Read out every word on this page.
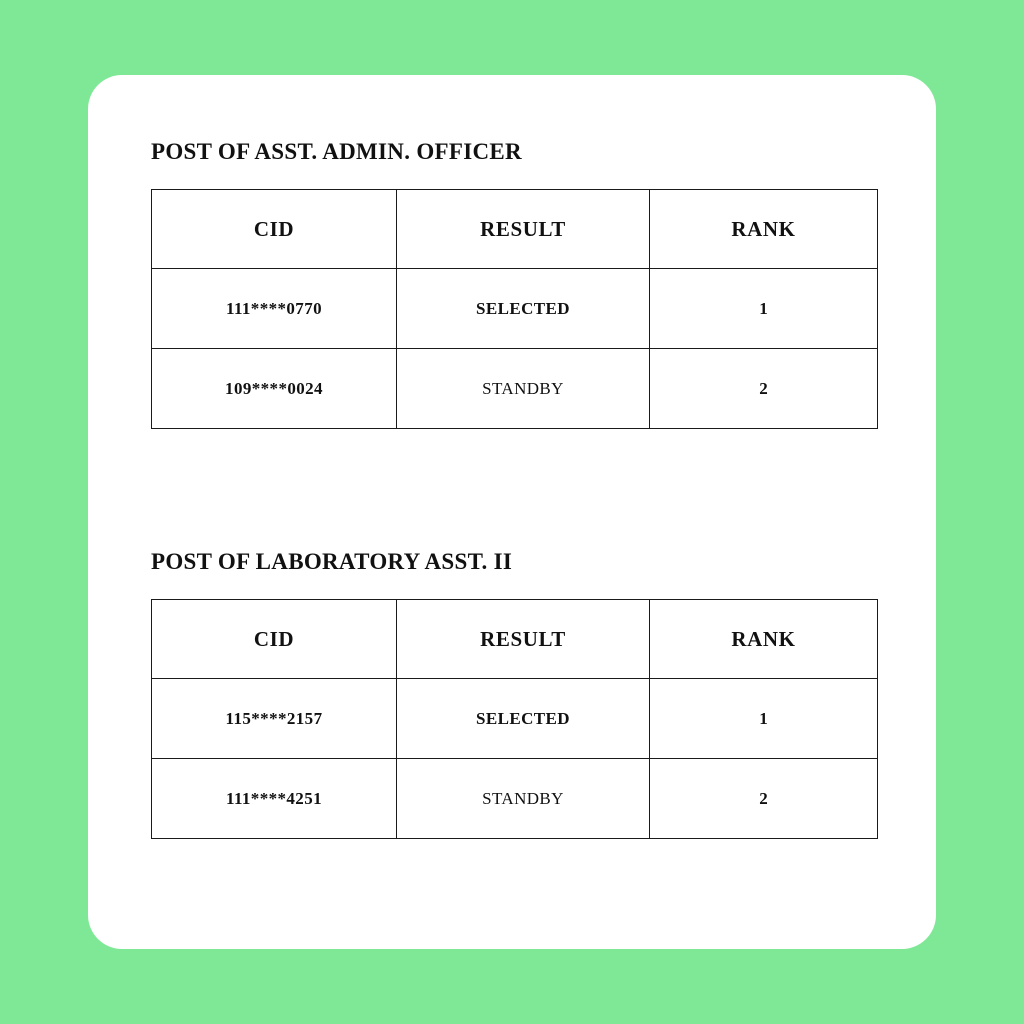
POST OF ASST. ADMIN. OFFICER
CID	RESULT	RANK
111****0770	SELECTED	1
109****0024	STANDBY	2
POST OF LABORATORY ASST. II
CID	RESULT	RANK
115****2157	SELECTED	1
111****4251	STANDBY	2
